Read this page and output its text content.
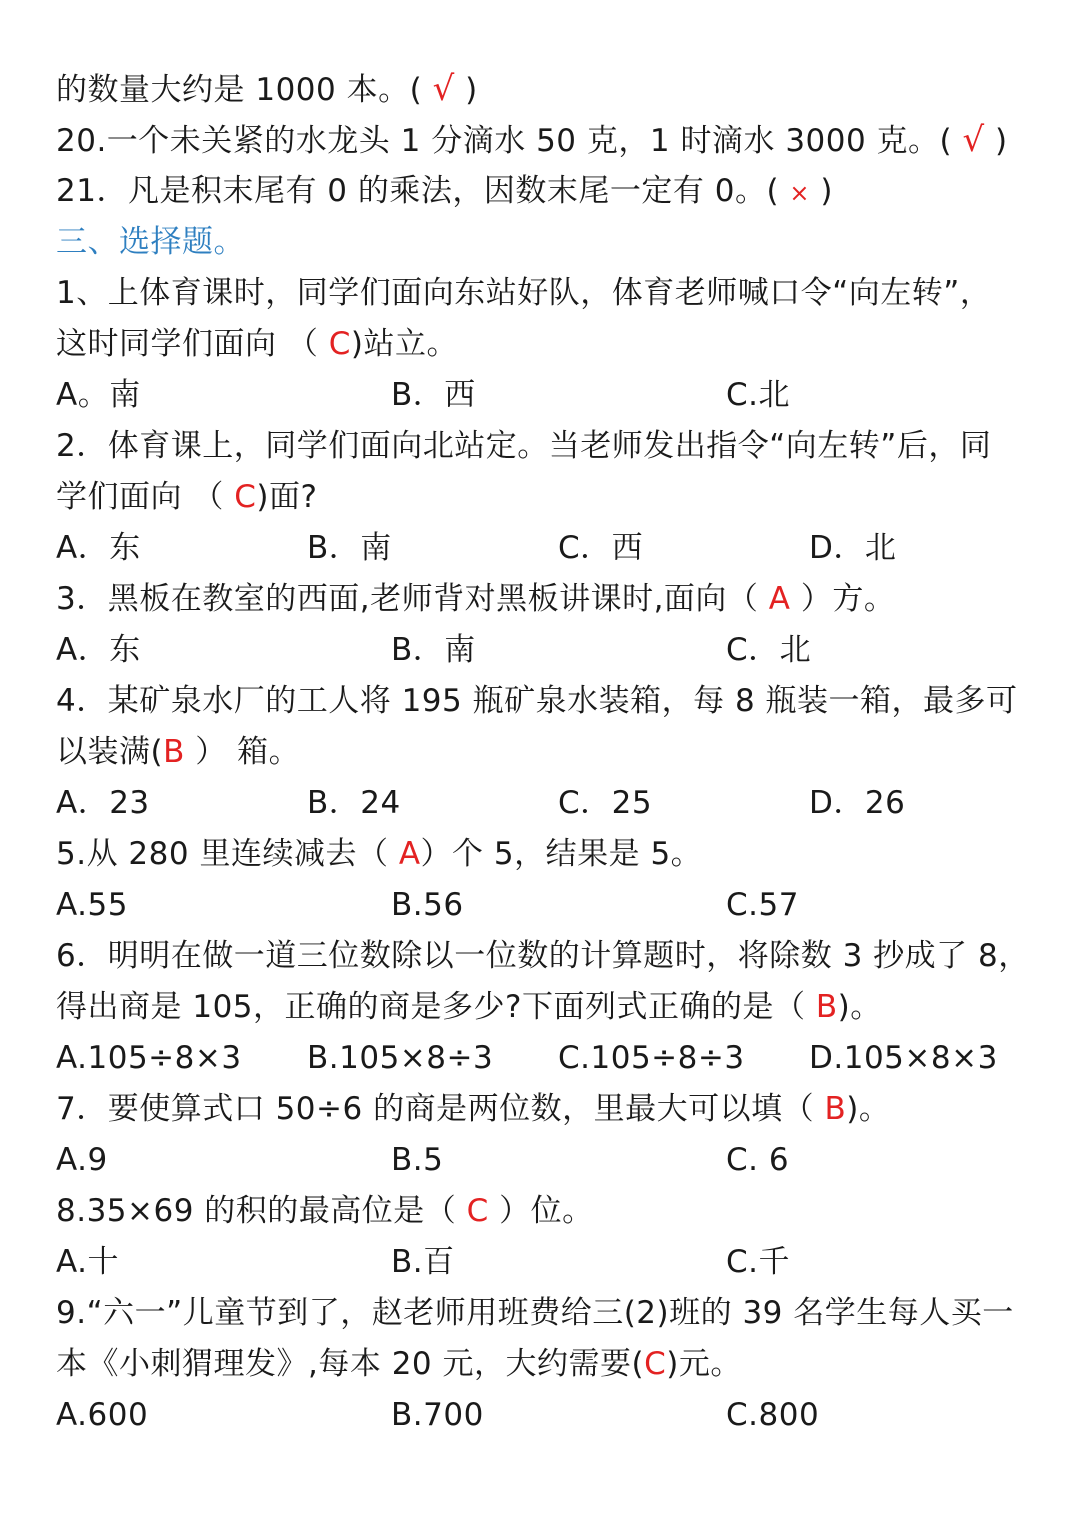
的数量大约是 1000 本。( √ )
20.一个未关紧的水龙头 1 分滴水 50 克，1 时滴水 3000 克。( √ )
21．凡是积末尾有 0 的乘法，因数末尾一定有 0。( × )
三、选择题。
1、上体育课时，同学们面向东站好队，体育老师喊口令“向左转”，
这时同学们面向 （ C)站立。
A。南	B．西	C.北
2．体育课上，同学们面向北站定。当老师发出指令“向左转”后，同
学们面向 （ C)面?
A．东	B．南	C．西	D．北
3．黑板在教室的西面,老师背对黑板讲课时,面向（ A ）方。
A．东	B．南	C．北
4．某矿泉水厂的工人将 195 瓶矿泉水装箱，每 8 瓶装一箱，最多可
以装满(B ） 箱。
A．23	B．24	C．25	D．26
5.从 280 里连续减去（ A）个 5，结果是 5。
A.55	B.56	C.57
6．明明在做一道三位数除以一位数的计算题时，将除数 3 抄成了 8，
得出商是 105，正确的商是多少?下面列式正确的是（ B)。
A.105÷8×3	B.105×8÷3	C.105÷8÷3	D.105×8×3
7．要使算式口 50÷6 的商是两位数，里最大可以填（ B)。
A.9	B.5	C. 6
8.35×69 的积的最高位是（ C ）位。
A.十	B.百	C.千
9.“六一”儿童节到了，赵老师用班费给三(2)班的 39 名学生每人买一
本《小刺猬理发》,每本 20 元，大约需要(C)元。
A.600	B.700	C.800
